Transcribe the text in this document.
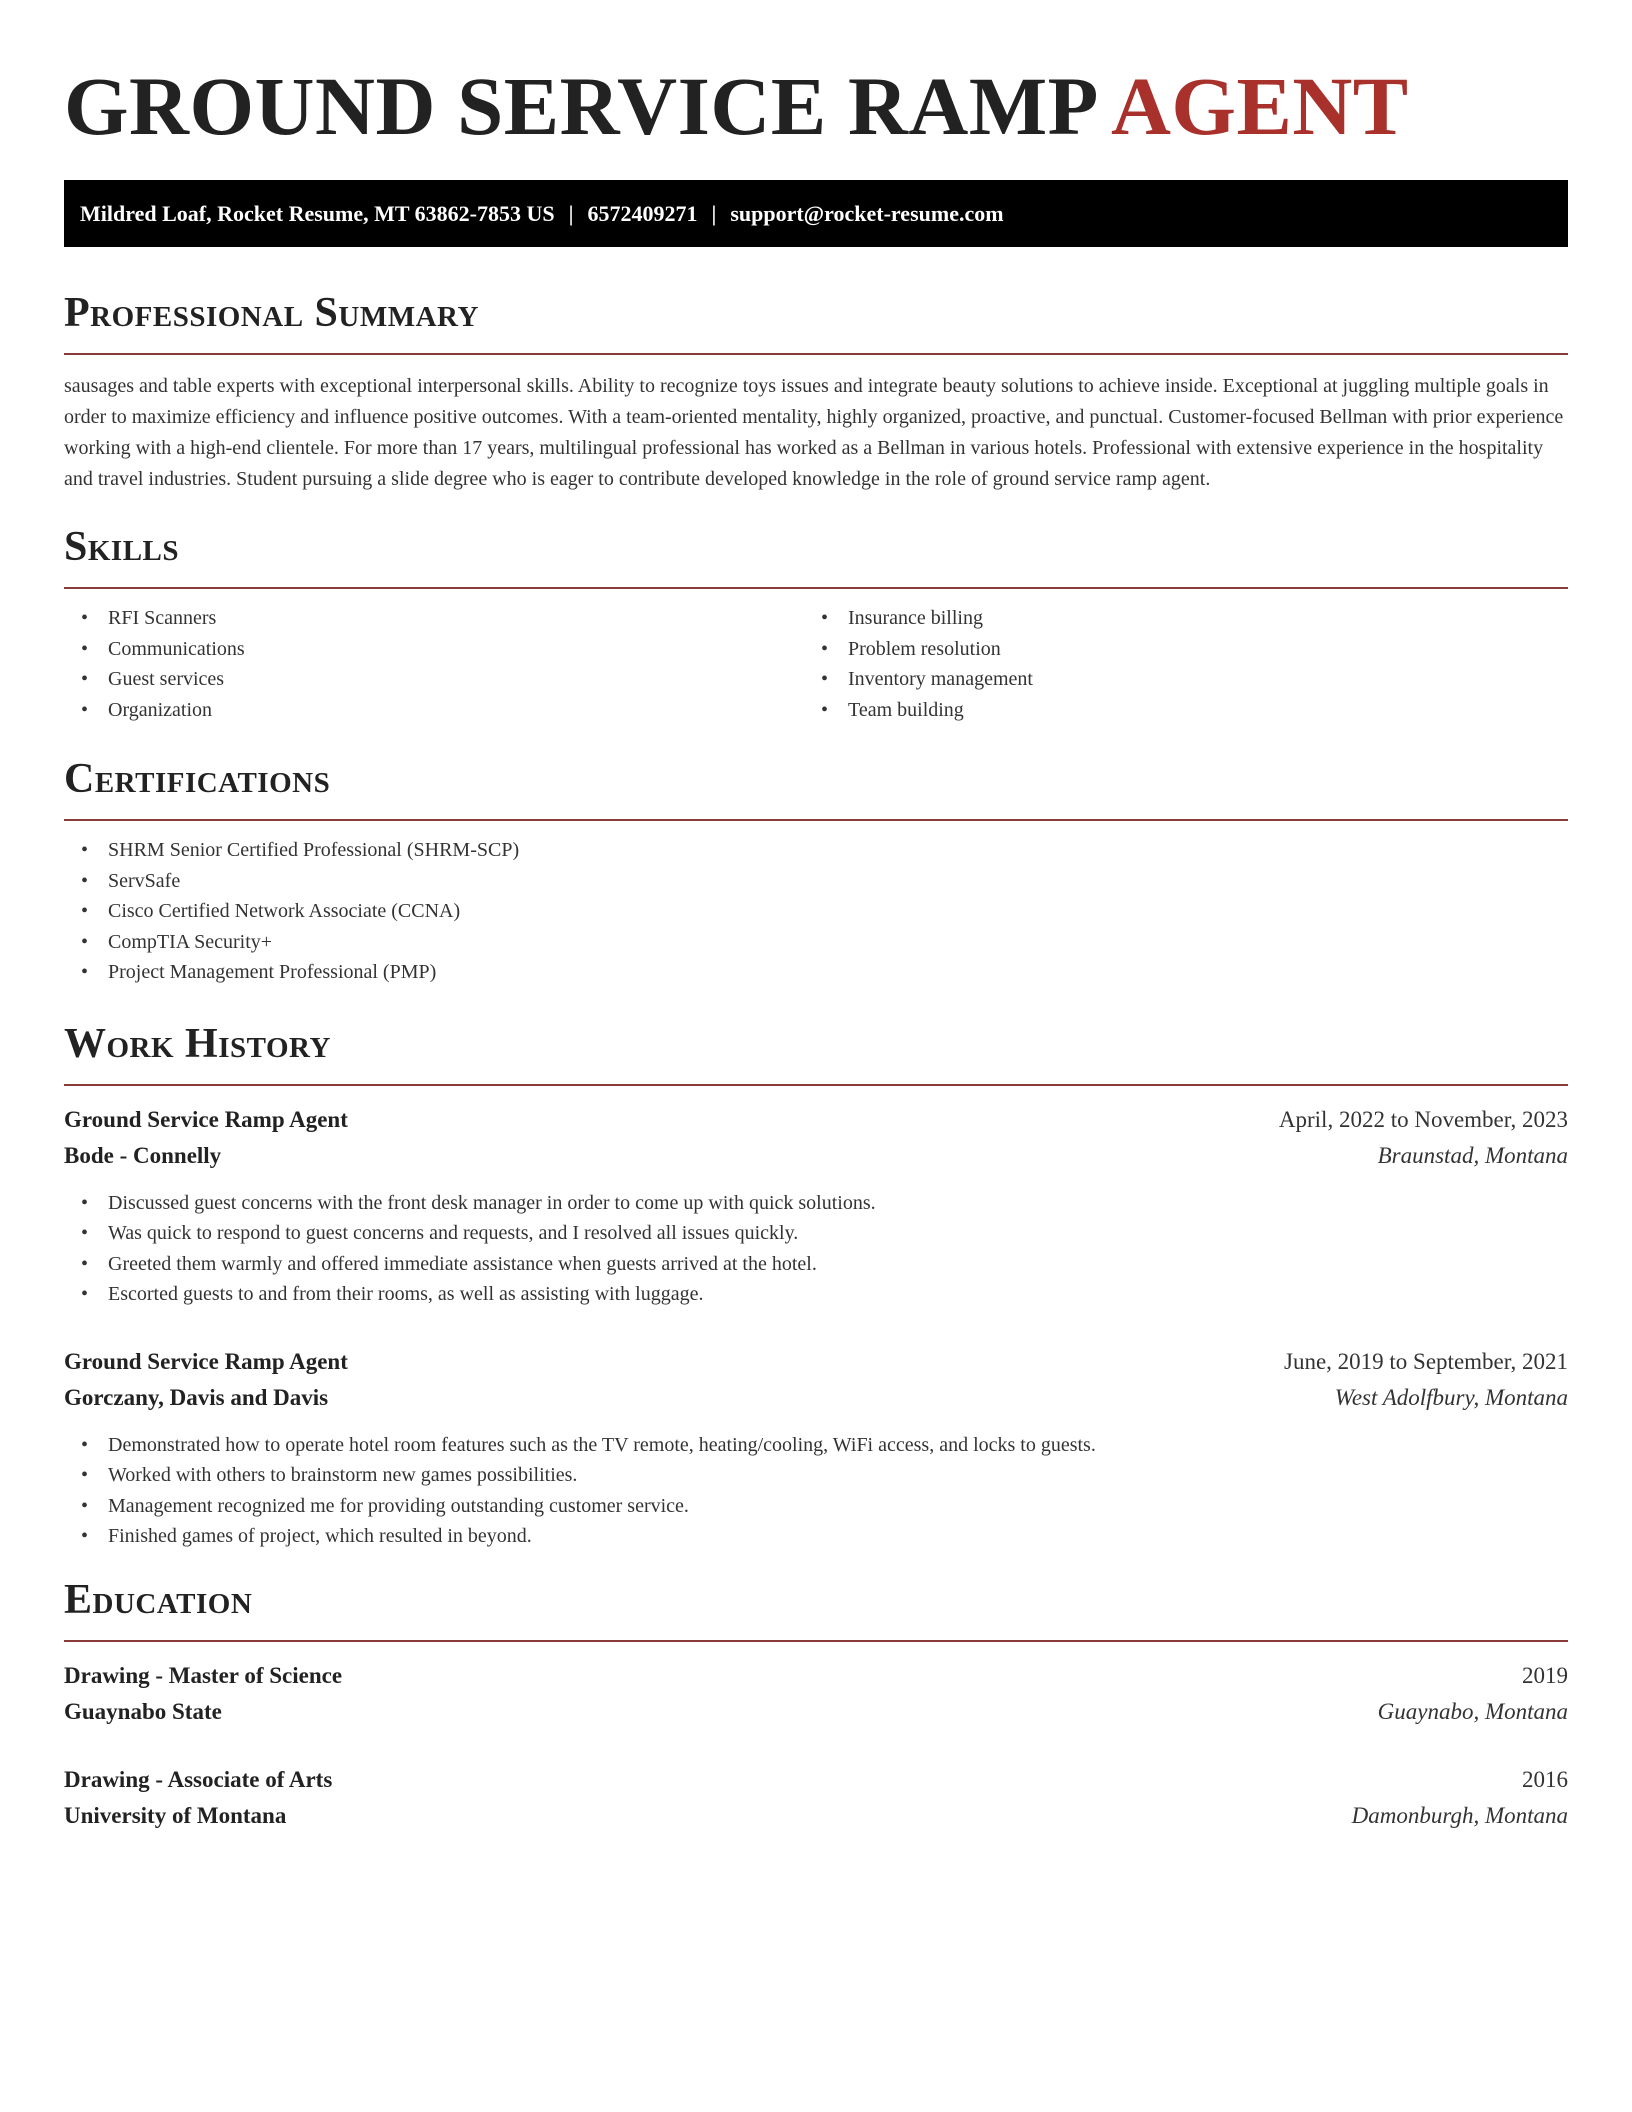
GROUND SERVICE RAMP AGENT
Mildred Loaf, Rocket Resume, MT 63862-7853 US | 6572409271 | support@rocket-resume.com
Professional Summary

sausages and table experts with exceptional interpersonal skills. Ability to recognize toys issues and integrate beauty solutions to achieve inside. Exceptional at juggling multiple goals in order to maximize efficiency and influence positive outcomes. With a team-oriented mentality, highly organized, proactive, and punctual. Customer-focused Bellman with prior experience working with a high-end clientele. For more than 17 years, multilingual professional has worked as a Bellman in various hotels. Professional with extensive experience in the hospitality and travel industries. Student pursuing a slide degree who is eager to contribute developed knowledge in the role of ground service ramp agent.

Skills
• RFI Scanners
• Communications
• Guest services
• Organization
• Insurance billing
• Problem resolution
• Inventory management
• Team building
Certifications
• SHRM Senior Certified Professional (SHRM-SCP)
• ServSafe
• Cisco Certified Network Associate (CCNA)
• CompTIA Security+
• Project Management Professional (PMP)
Work History
Ground Service Ramp Agent	April, 2022 to November, 2023
Bode - Connelly	Braunstad, Montana
• Discussed guest concerns with the front desk manager in order to come up with quick solutions.
• Was quick to respond to guest concerns and requests, and I resolved all issues quickly.
• Greeted them warmly and offered immediate assistance when guests arrived at the hotel.
• Escorted guests to and from their rooms, as well as assisting with luggage.
Ground Service Ramp Agent	June, 2019 to September, 2021
Gorczany, Davis and Davis	West Adolfbury, Montana
• Demonstrated how to operate hotel room features such as the TV remote, heating/cooling, WiFi access, and locks to guests.
• Worked with others to brainstorm new games possibilities.
• Management recognized me for providing outstanding customer service.
• Finished games of project, which resulted in beyond.
Education
Drawing - Master of Science	2019
Guaynabo State	Guaynabo, Montana
Drawing - Associate of Arts	2016
University of Montana	Damonburgh, Montana
